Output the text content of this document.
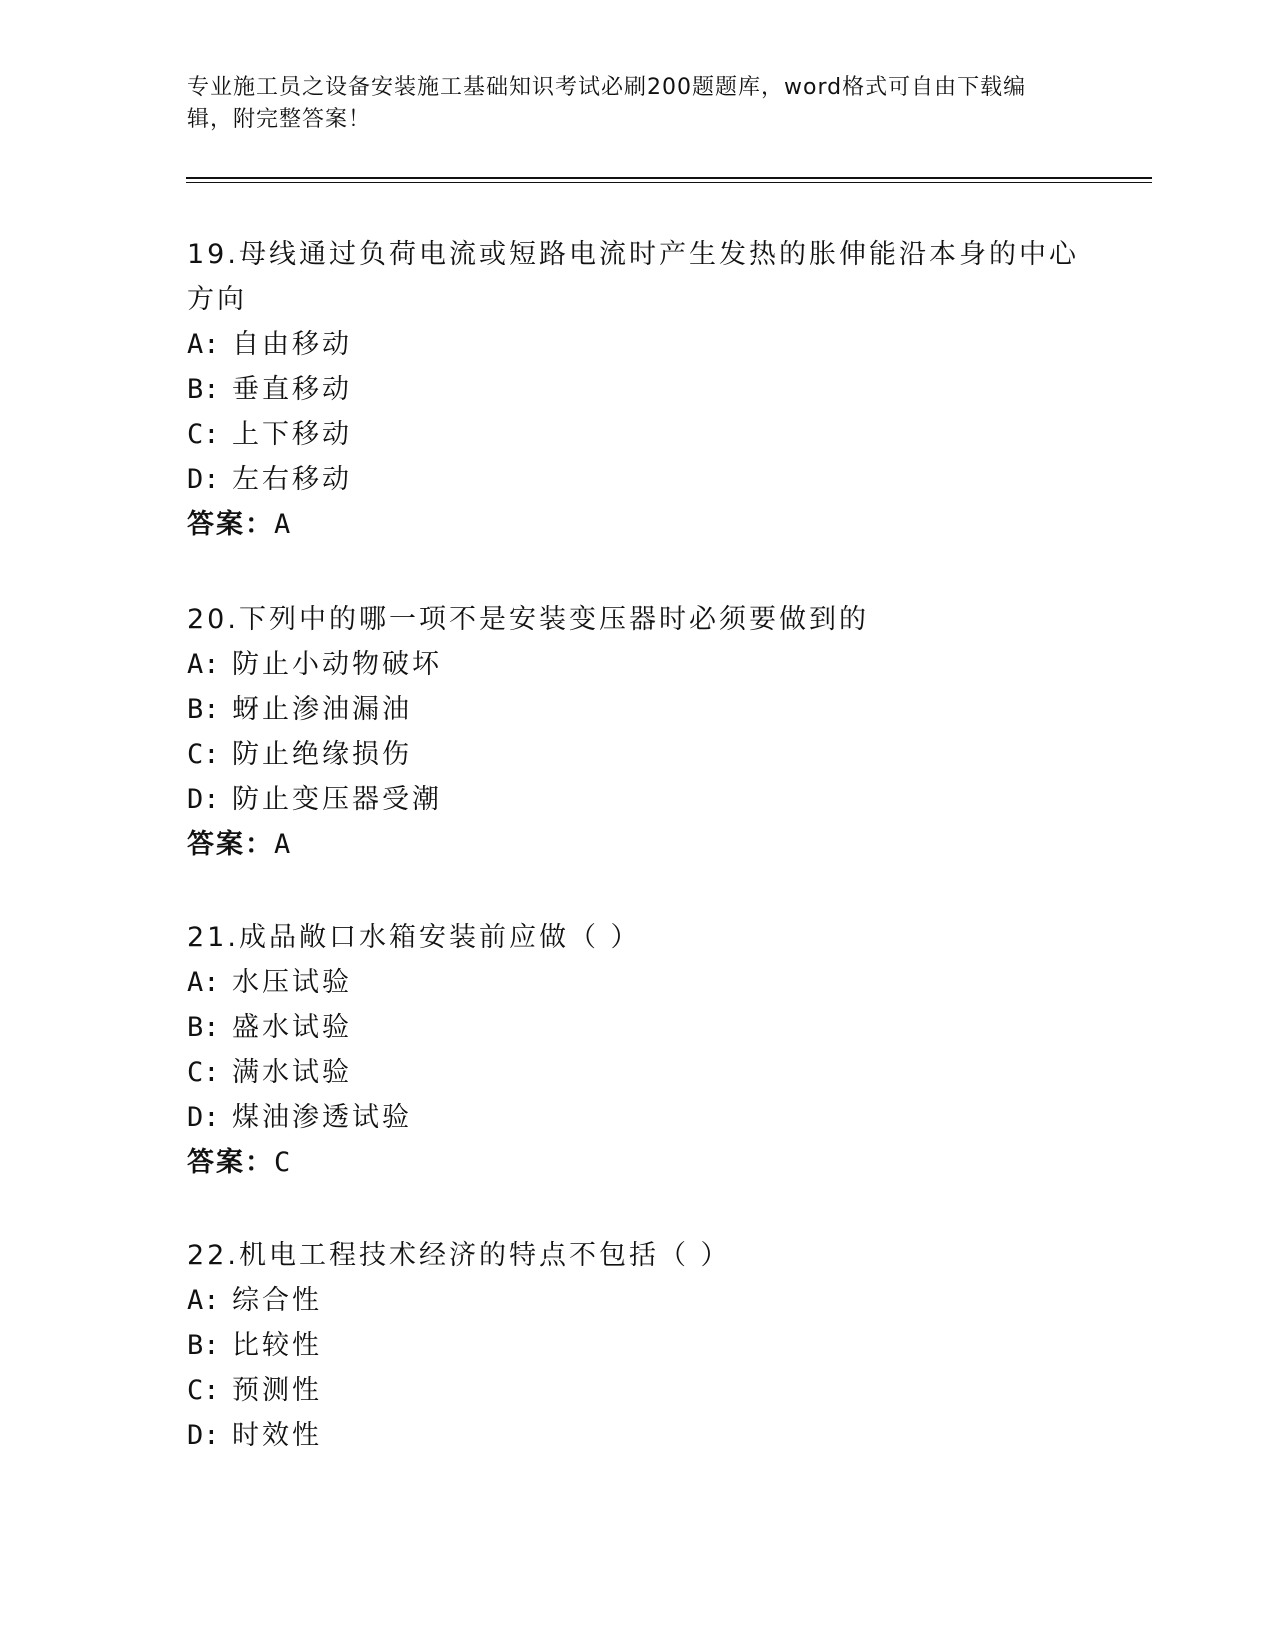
专业施工员之设备安装施工基础知识考试必刷200题题库，word格式可自由下载编辑，附完整答案！

19.母线通过负荷电流或短路电流时产生发热的胀伸能沿本身的中心方向

A: 自由移动
B: 垂直移动
C: 上下移动
D: 左右移动
答案：A

20.下列中的哪一项不是安装变压器时必须要做到的

A: 防止小动物破坏
B: 蚜止渗油漏油
C: 防止绝缘损伤
D: 防止变压器受潮
答案：A

21.成品敞口水箱安装前应做（ ）

A: 水压试验
B: 盛水试验
C: 满水试验
D: 煤油渗透试验
答案：C

22.机电工程技术经济的特点不包括（ ）

A: 综合性
B: 比较性
C: 预测性
D: 时效性
